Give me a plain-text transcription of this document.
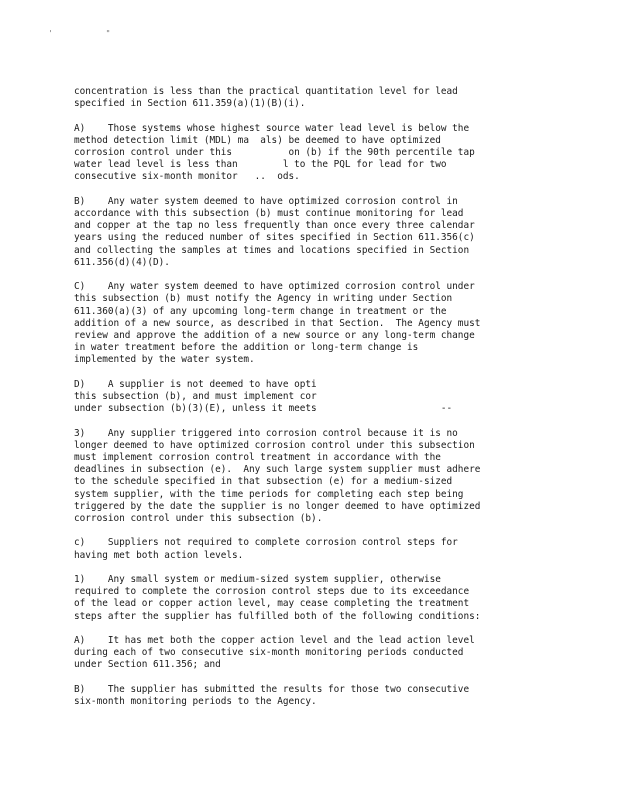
' "

concentration is less than the practical quantitation level for lead
specified in Section 611.359(a)(1)(B)(i).

A)    Those systems whose highest source water lead level is below the
method detection limit (MDL) ma  als) be deemed to have optimized
corrosion control under this          on (b) if the 90th percentile tap
water lead level is less than        l to the PQL for lead for two
consecutive six-month monitor   ..  ods.

B)    Any water system deemed to have optimized corrosion control in
accordance with this subsection (b) must continue monitoring for lead
and copper at the tap no less frequently than once every three calendar
years using the reduced number of sites specified in Section 611.356(c)
and collecting the samples at times and locations specified in Section
611.356(d)(4)(D).

C)    Any water system deemed to have optimized corrosion control under
this subsection (b) must notify the Agency in writing under Section
611.360(a)(3) of any upcoming long-term change in treatment or the
addition of a new source, as described in that Section.  The Agency must
review and approve the addition of a new source or any long-term change
in water treatment before the addition or long-term change is
implemented by the water system.

D)    A supplier is not deemed to have opti
this subsection (b), and must implement cor
under subsection (b)(3)(E), unless it meets                      --

3)    Any supplier triggered into corrosion control because it is no
longer deemed to have optimized corrosion control under this subsection
must implement corrosion control treatment in accordance with the
deadlines in subsection (e).  Any such large system supplier must adhere
to the schedule specified in that subsection (e) for a medium-sized
system supplier, with the time periods for completing each step being
triggered by the date the supplier is no longer deemed to have optimized
corrosion control under this subsection (b).

c)    Suppliers not required to complete corrosion control steps for
having met both action levels.

1)    Any small system or medium-sized system supplier, otherwise
required to complete the corrosion control steps due to its exceedance
of the lead or copper action level, may cease completing the treatment
steps after the supplier has fulfilled both of the following conditions:

A)    It has met both the copper action level and the lead action level
during each of two consecutive six-month monitoring periods conducted
under Section 611.356; and

B)    The supplier has submitted the results for those two consecutive
six-month monitoring periods to the Agency.
